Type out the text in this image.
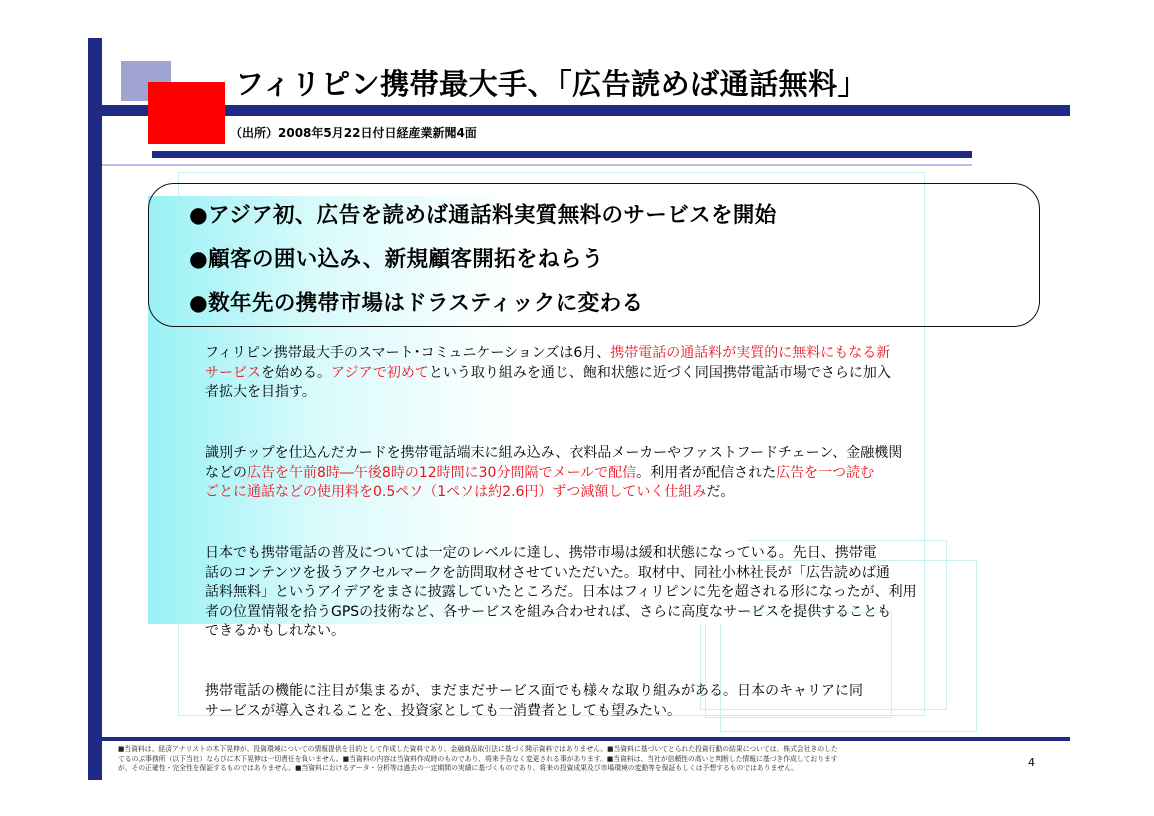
フィリピン携帯最大手、「広告読めば通話無料」
（出所）2008年5月22日付日経産業新聞4面
●アジア初、広告を読めば通話料実質無料のサービスを開始
●顧客の囲い込み、新規顧客開拓をねらう
●数年先の携帯市場はドラスティックに変わる
フィリピン携帯最大手のスマート･コミュニケーションズは6月、携帯電話の通話料が実質的に無料にもなる新
サービスを始める。アジアで初めてという取り組みを通じ、飽和状態に近づく同国携帯電話市場でさらに加入
者拡大を目指す。
識別チップを仕込んだカードを携帯電話端末に組み込み、衣料品メーカーやファストフードチェーン、金融機関
などの広告を午前8時―午後8時の12時間に30分間隔でメールで配信。利用者が配信された広告を一つ読む
ごとに通話などの使用料を0.5ペソ（1ペソは約2.6円）ずつ減額していく仕組みだ。
日本でも携帯電話の普及については一定のレベルに達し、携帯市場は緩和状態になっている。先日、携帯電
話のコンテンツを扱うアクセルマークを訪問取材させていただいた。取材中、同社小林社長が「広告読めば通
話料無料」というアイデアをまさに披露していたところだ。日本はフィリピンに先を超される形になったが、利用
者の位置情報を拾うGPSの技術など、各サービスを組み合わせれば、さらに高度なサービスを提供することも
できるかもしれない。
携帯電話の機能に注目が集まるが、まだまだサービス面でも様々な取り組みがある。日本のキャリアに同
サービスが導入されることを、投資家としても一消費者としても望みたい。
■当資料は、経済アナリストの木下晃伸が、投資環境についての情報提供を目的として作成した資料であり、金融商品取引法に基づく開示資料ではありません。■当資料に基づいてとられた投資行動の結果については、株式会社きのした
てるのぶ事務所（以下当社）ならびに木下晃伸は一切責任を負いません。■当資料の内容は当資料作成時のものであり、将来予告なく変更される事があります。■当資料は、当社が信頼性の高いと判断した情報に基づき作成しております
が、その正確性・完全性を保証するものではありません。■当資料におけるデータ・分析等は過去の一定期間の実績に基づくものであり、将来の投資成果及び市場環境の変動等を保証もしくは予想するものではありません。	4
